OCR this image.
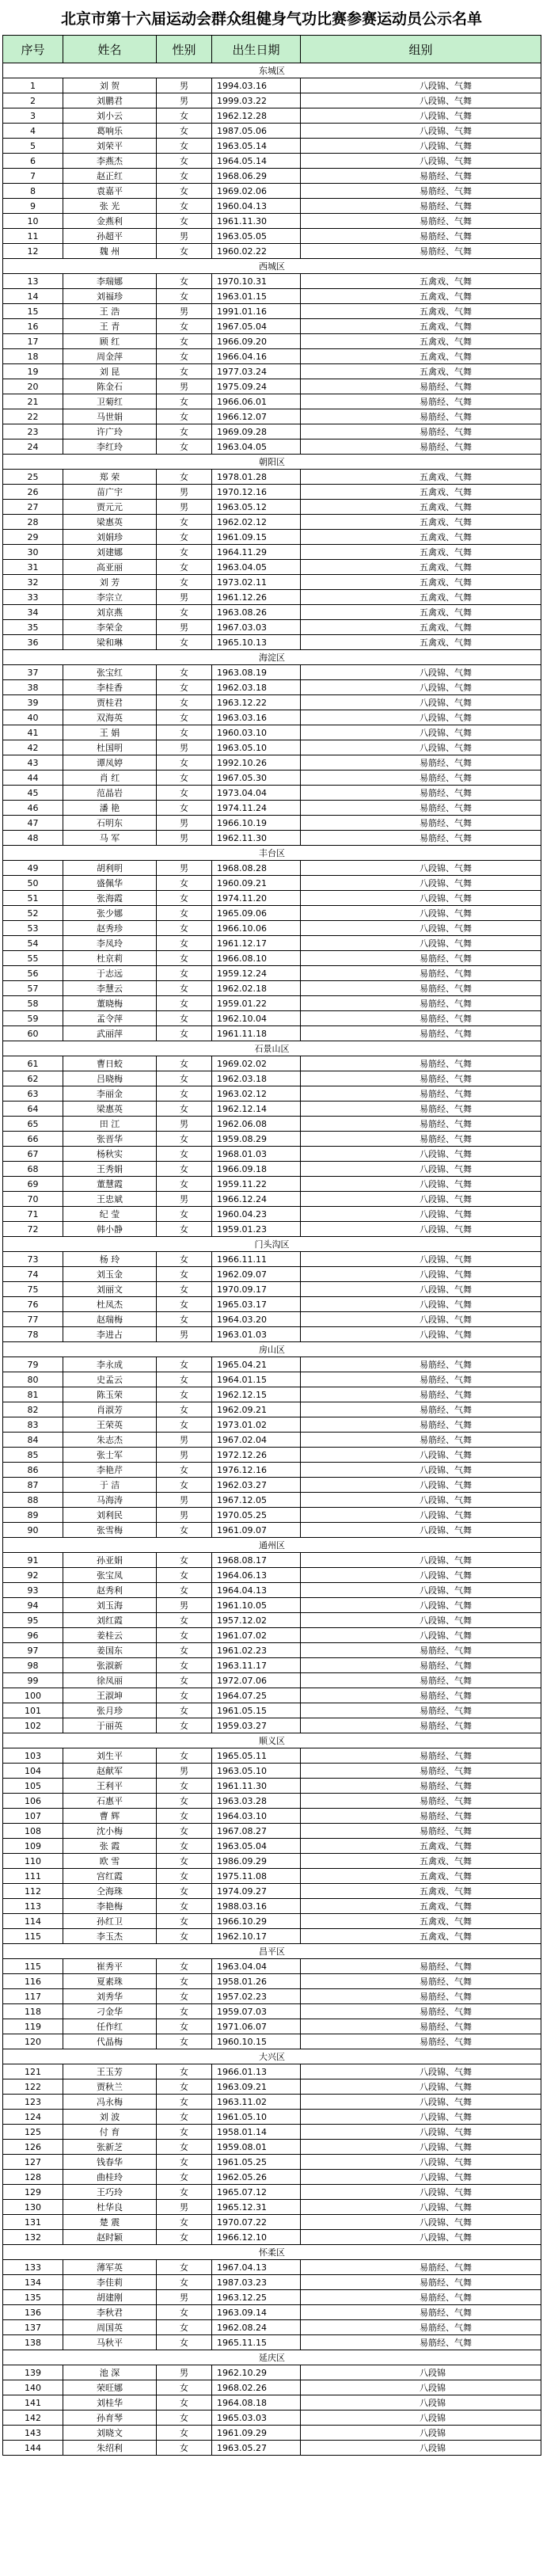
北京市第十六届运动会群众组健身气功比赛参赛运动员公示名单
序号	姓名	性别	出生日期	组别
东城区				
1	刘 贺	男	1994.03.16	八段锦、气舞
2	刘鹏君	男	1999.03.22	八段锦、气舞
3	刘小云	女	1962.12.28	八段锦、气舞
4	葛响乐	女	1987.05.06	八段锦、气舞
5	刘荣平	女	1963.05.14	八段锦、气舞
6	李燕杰	女	1964.05.14	八段锦、气舞
7	赵正红	女	1968.06.29	易筋经、气舞
8	袁嘉平	女	1969.02.06	易筋经、气舞
9	张 光	女	1960.04.13	易筋经、气舞
10	金燕利	女	1961.11.30	易筋经、气舞
11	孙超平	男	1963.05.05	易筋经、气舞
12	魏 州	女	1960.02.22	易筋经、气舞
西城区				
13	李瑞娜	女	1970.10.31	五禽戏、气舞
14	刘福珍	女	1963.01.15	五禽戏、气舞
15	王 浩	男	1991.01.16	五禽戏、气舞
16	王 青	女	1967.05.04	五禽戏、气舞
17	顾 红	女	1966.09.20	五禽戏、气舞
18	周金萍	女	1966.04.16	五禽戏、气舞
19	刘 昆	女	1977.03.24	五禽戏、气舞
20	陈金石	男	1975.09.24	易筋经、气舞
21	卫菊红	女	1966.06.01	易筋经、气舞
22	马世娟	女	1966.12.07	易筋经、气舞
23	许广玲	女	1969.09.28	易筋经、气舞
24	李红玲	女	1963.04.05	易筋经、气舞
朝阳区				
25	郑 荣	女	1978.01.28	五禽戏、气舞
26	苗广宇	男	1970.12.16	五禽戏、气舞
27	贾元元	男	1963.05.12	五禽戏、气舞
28	梁惠英	女	1962.02.12	五禽戏、气舞
29	刘娟珍	女	1961.09.15	五禽戏、气舞
30	刘建娜	女	1964.11.29	五禽戏、气舞
31	高亚丽	女	1963.04.05	五禽戏、气舞
32	刘 芳	女	1973.02.11	五禽戏、气舞
33	李宗立	男	1961.12.26	五禽戏、气舞
34	刘京燕	女	1963.08.26	五禽戏、气舞
35	李荣金	男	1967.03.03	五禽戏、气舞
36	梁和琳	女	1965.10.13	五禽戏、气舞
海淀区				
37	张宝红	女	1963.08.19	八段锦、气舞
38	李桂香	女	1962.03.18	八段锦、气舞
39	贾桂君	女	1963.12.22	八段锦、气舞
40	双海英	女	1963.03.16	八段锦、气舞
41	王 娟	女	1960.03.10	八段锦、气舞
42	杜国明	男	1963.05.10	八段锦、气舞
43	谭凤婷	女	1992.10.26	易筋经、气舞
44	肖 红	女	1967.05.30	易筋经、气舞
45	范晶岩	女	1973.04.04	易筋经、气舞
46	潘 艳	女	1974.11.24	易筋经、气舞
47	石明东	男	1966.10.19	易筋经、气舞
48	马 军	男	1962.11.30	易筋经、气舞
丰台区				
49	胡利明	男	1968.08.28	八段锦、气舞
50	盛佩华	女	1960.09.21	八段锦、气舞
51	张海霞	女	1974.11.20	八段锦、气舞
52	张少娜	女	1965.09.06	八段锦、气舞
53	赵秀珍	女	1966.10.06	八段锦、气舞
54	李凤玲	女	1961.12.17	八段锦、气舞
55	杜京莉	女	1966.08.10	易筋经、气舞
56	于志远	女	1959.12.24	易筋经、气舞
57	李慧云	女	1962.02.18	易筋经、气舞
58	董晓梅	女	1959.01.22	易筋经、气舞
59	孟令萍	女	1962.10.04	易筋经、气舞
60	武丽萍	女	1961.11.18	易筋经、气舞
石景山区				
61	曹日蛟	女	1969.02.02	易筋经、气舞
62	吕晓梅	女	1962.03.18	易筋经、气舞
63	李丽金	女	1963.02.12	易筋经、气舞
64	梁惠英	女	1962.12.14	易筋经、气舞
65	田 江	男	1962.06.08	易筋经、气舞
66	张晋华	女	1959.08.29	易筋经、气舞
67	杨秋实	女	1968.01.03	八段锦、气舞
68	王秀娟	女	1966.09.18	八段锦、气舞
69	董慧霞	女	1959.11.22	八段锦、气舞
70	王忠斌	男	1966.12.24	八段锦、气舞
71	纪 莹	女	1960.04.23	八段锦、气舞
72	韩小静	女	1959.01.23	八段锦、气舞
门头沟区				
73	杨 玲	女	1966.11.11	八段锦、气舞
74	刘玉金	女	1962.09.07	八段锦、气舞
75	刘丽文	女	1970.09.17	八段锦、气舞
76	杜凤杰	女	1965.03.17	八段锦、气舞
77	赵瑞梅	女	1964.03.20	八段锦、气舞
78	李进占	男	1963.01.03	八段锦、气舞
房山区				
79	李永成	女	1965.04.21	易筋经、气舞
80	史孟云	女	1964.01.15	易筋经、气舞
81	陈玉荣	女	1962.12.15	易筋经、气舞
82	肖淑芳	女	1962.09.21	易筋经、气舞
83	王荣英	女	1973.01.02	易筋经、气舞
84	朱志杰	男	1967.02.04	易筋经、气舞
85	张士军	男	1972.12.26	八段锦、气舞
86	李艳芹	女	1976.12.16	八段锦、气舞
87	于 洁	女	1962.03.27	八段锦、气舞
88	马海涛	男	1967.12.05	八段锦、气舞
89	刘利民	男	1970.05.25	八段锦、气舞
90	张雪梅	女	1961.09.07	八段锦、气舞
通州区				
91	孙亚娟	女	1968.08.17	八段锦、气舞
92	张宝凤	女	1964.06.13	八段锦、气舞
93	赵秀利	女	1964.04.13	八段锦、气舞
94	刘玉海	男	1961.10.05	八段锦、气舞
95	刘红霞	女	1957.12.02	八段锦、气舞
96	姜桂云	女	1961.07.02	八段锦、气舞
97	姜国东	女	1961.02.23	易筋经、气舞
98	张淑新	女	1963.11.17	易筋经、气舞
99	徐凤丽	女	1972.07.06	易筋经、气舞
100	王淑坤	女	1964.07.25	易筋经、气舞
101	张月珍	女	1961.05.15	易筋经、气舞
102	于丽英	女	1959.03.27	易筋经、气舞
顺义区				
103	刘生平	女	1965.05.11	易筋经、气舞
104	赵献军	男	1963.05.10	易筋经、气舞
105	王利平	女	1961.11.30	易筋经、气舞
106	石惠平	女	1963.03.28	易筋经、气舞
107	曹 辉	女	1964.03.10	易筋经、气舞
108	沈小梅	女	1967.08.27	易筋经、气舞
109	张 霞	女	1963.05.04	五禽戏、气舞
110	欧 雪	女	1986.09.29	五禽戏、气舞
111	宫红霞	女	1975.11.08	五禽戏、气舞
112	仝海珠	女	1974.09.27	五禽戏、气舞
113	李艳梅	女	1988.03.16	五禽戏、气舞
114	孙红卫	女	1966.10.29	五禽戏、气舞
115	李玉杰	女	1962.10.17	五禽戏、气舞
昌平区				
115	崔秀平	女	1963.04.04	易筋经、气舞
116	夏素珠	女	1958.01.26	易筋经、气舞
117	刘秀华	女	1957.02.23	易筋经、气舞
118	刁金华	女	1959.07.03	易筋经、气舞
119	任作红	女	1971.06.07	易筋经、气舞
120	代晶梅	女	1960.10.15	易筋经、气舞
大兴区				
121	王玉芳	女	1966.01.13	八段锦、气舞
122	贾秋兰	女	1963.09.21	八段锦、气舞
123	冯永梅	女	1963.11.02	八段锦、气舞
124	刘 波	女	1961.05.10	八段锦、气舞
125	付 育	女	1958.01.14	八段锦、气舞
126	张新芝	女	1959.08.01	八段锦、气舞
127	钱春华	女	1961.05.25	八段锦、气舞
128	曲桂玲	女	1962.05.26	八段锦、气舞
129	王巧玲	女	1965.07.12	八段锦、气舞
130	杜华良	男	1965.12.31	八段锦、气舞
131	楚 震	女	1970.07.22	八段锦、气舞
132	赵时颖	女	1966.12.10	八段锦、气舞
怀柔区				
133	薄军英	女	1967.04.13	易筋经、气舞
134	李佳莉	女	1987.03.23	易筋经、气舞
135	胡建刚	男	1963.12.25	易筋经、气舞
136	李秋君	女	1963.09.14	易筋经、气舞
137	周国英	女	1962.08.24	易筋经、气舞
138	马秋平	女	1965.11.15	易筋经、气舞
延庆区				
139	池 深	男	1962.10.29	八段锦
140	荣旺娜	女	1968.02.26	八段锦
141	刘桂华	女	1964.08.18	八段锦
142	孙育琴	女	1965.03.03	八段锦
143	刘晓文	女	1961.09.29	八段锦
144	朱绍利	女	1963.05.27	八段锦
